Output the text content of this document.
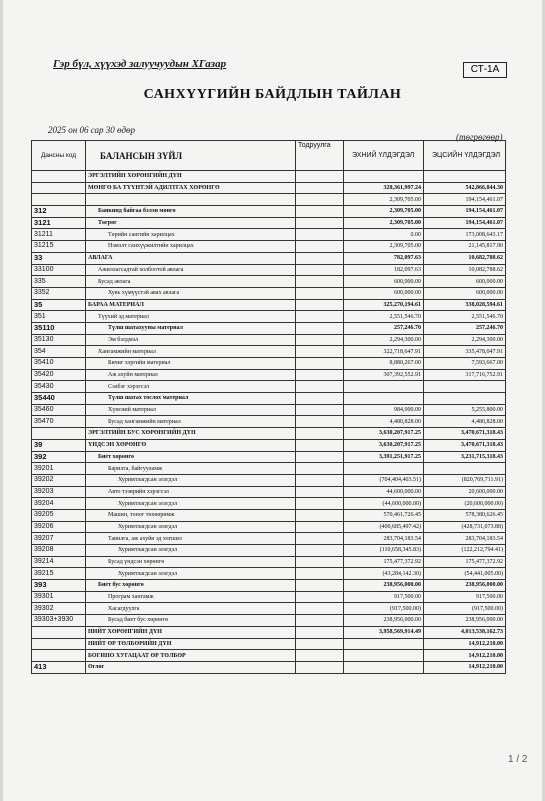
Гэр бүл, хүүхэд залуучуудын ХГазар	СТ-1А
САНХҮҮГИЙН БАЙДЛЫН ТАЙЛАН
2025 он 06 сар 30 өдөр
(төгрөгөөр)
Дансны код	БАЛАНСЫН ЗҮЙЛ	Тодруулга	ЭХНИЙ ҮЛДЭГДЭЛ	ЭЦСИЙН ҮЛДЭГДЭЛ
	ЭРГЭЛТИЙН ХӨРӨНГИЙН ДҮН			
	МӨНГӨ БА ТҮҮНТЭЙ АДИЛТГАХ ХӨРӨНГӨ		328,361,997.24	542,866,844.30
			2,309,705.00	194,154,461.07
312	Банкинд байгаа бэлэн мөнгө		2,309,705.00	194,154,461.07
3121	Төгрөг		2,309,705.00	194,154,461.07
31211	Төрийн сангийн харилцах		0.00	173,008,643.17
31215	Нэмэлт санхүүжилтийн харилцах		2,309,705.00	21,145,817.90
33	АВЛАГА		782,097.63	10,682,788.62
33100	Ажиллагсадтай холбоотой авлага		182,097.63	10,082,788.62
335	Бусад авлага		600,000.00	600,000.00
3352	Хувь хүмүүстэй авах авлага		600,000.00	600,000.00
35	БАРАА МАТЕРИАЛ		325,270,194.61	338,028,594.61
351	Түүхий эд материал		2,551,546.70	2,551,546.70
35110	Түлш шатахууны материал		257,246.70	257,246.70
35130	Эм бэлдмэл		2,294,300.00	2,294,300.00
354	Хангамжийн материал		322,718,647.91	335,478,047.91
35410	Бичиг хэргийн материал		8,880,267.00	7,593,667.00
35420	Аж ахуйн материал		307,392,552.91	317,716,752.91
35430	Сэлбэг хэрэгсэл			
35440	Түлш шатах тослох материал			
35460	Хүнсний материал		984,000.00	5,255,800.00
35470	Бусад хангамжийн материал		4,480,828.00	4,480,828.00
	ЭРГЭЛТИЙН БУС ХӨРӨНГИЙН ДҮН		3,630,207,917.25	3,470,671,318.43
39	ҮНДСЭН ХӨРӨНГӨ		3,630,207,917.25	3,470,671,318.43
392	Биет хөрөнгө		3,391,251,917.25	3,231,715,318.43
39201	Барилга, байгууламж			
39202	Хуримтлагдсан элэгдэл		(704,404,403.51)	(820,769,711.91)
39203	Авто тээврийн хэрэгсэл		44,600,000.00	20,600,000.00
39204	Хуримтлагдсан элэгдэл		(44,600,000.00)	(20,600,000.00)
39205	Машин, тоног төхөөрөмж		570,461,726.45	578,380,626.45
39206	Хуримтлагдсан элэгдэл		(400,685,497.42)	(428,731,073.88)
39207	Тавилга, аж ахуйн эд хогшил		283,704,183.54	283,704,183.54
39208	Хуримтлагдсан элэгдэл		(110,658,345.83)	(122,212,794.41)
39214	Бусад үндсэн хөрөнгө		175,477,372.92	175,477,372.92
39215	Хуримтлагдсан элэгдэл		(43,284,142.30)	(54,441,005.00)
393	Биет бус хөрөнгө		238,956,000.00	238,956,000.00
39301	Програм хангамж		917,500.00	917,500.00
39302	Хасагдуулга		(917,500.00)	(917,500.00)
39303+3930	Бусад биет бус хөрөнгө		238,956,000.00	238,956,000.00
	НИЙТ ХӨРӨНГИЙН ДҮН		3,958,569,914.49	4,013,538,162.73
	НИЙТ ӨР ТӨЛБӨРИЙН ДҮН			14,912,210.00
	БОГИНО ХУГАЦААТ ӨР ТӨЛБӨР			14,912,210.00
413	Өглөг			14,912,210.00
1 / 2
